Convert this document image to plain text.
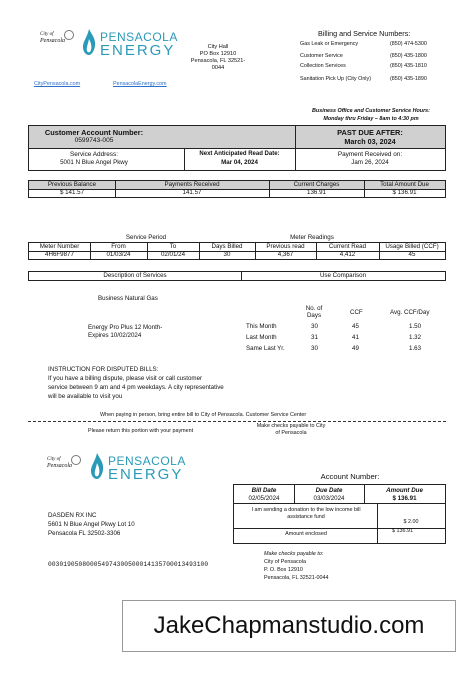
City of
Pensacola	PENSACOLA
ENERGY	City Hall
PO Box 12910
Pensacola, FL 32521-
0044
CityPensacola.com	PensacolaEnergy.com
Billing and Service Numbers:
Gas Leak or Emergency	(850) 474-5300
Customer Service	(850) 435-1800
Collection Services	(850) 435-1810
Sanitation Pick Up (City Only)	(850) 435-1890
Business Office and Customer Service Hours:
Monday thru Friday – 8am to 4:30 pm
Customer Account Number:
0599743-005
PAST DUE AFTER:
March 03, 2024
Service Address:
5001 N Blue Angel Pkwy
Next Anticipated Read Date:
Mar 04, 2024
Payment Received on:
Jam 26, 2024
Previous Balance	Payments Received	Current Charges	Total Amount Due
$ 141.57	141.57	136.91	$ 136.91
Service Period	Meter Readings
Meter Number	From	To	Days Billed	Previous read	Current Read	Usage Billed (CCF)
4H6F9877	01/03/24	02/01/24	30	4,367	4,412	45
Description of Services	Use Comparison
Business Natural Gas
Energy Pro Plus 12 Month-
Expires 10/02/2024
No. of Days	CCF	Avg. CCF/Day
This Month	30	45	1.50
Last Month	31	41	1.32
Same Last Yr.	30	49	1.63
INSTRUCTION FOR DISPUTED BILLS:
If you have a billing dispute, please visit or call customer
service between 9 am and 4 pm weekdays. A city representative
will be available to visit you
When paying in person, bring entire bill to City of Pensacola. Customer Service Center
Please return this portion with your payment
Make checks payable to City of Pensacola
City of
Pensacola	PENSACOLA
ENERGY	Account Number:
Bill Date	Due Date	Amount Due
02/05/2024	03/03/2024	$ 136.91
I am sending a donation to the low income bill assistance fund
$ 2.00
Amount enclosed	$ 136.91
DASDEN RX INC
5601 N Blue Angel Pkwy Lot 10
Pensacola FL 32502-3306
003019050800054974300500014135700013493100
Make checks payable to:
City of Pensacola
P. O. Box 12910
Pensacola, FL 32521-0044
JakeChapmanstudio.com
